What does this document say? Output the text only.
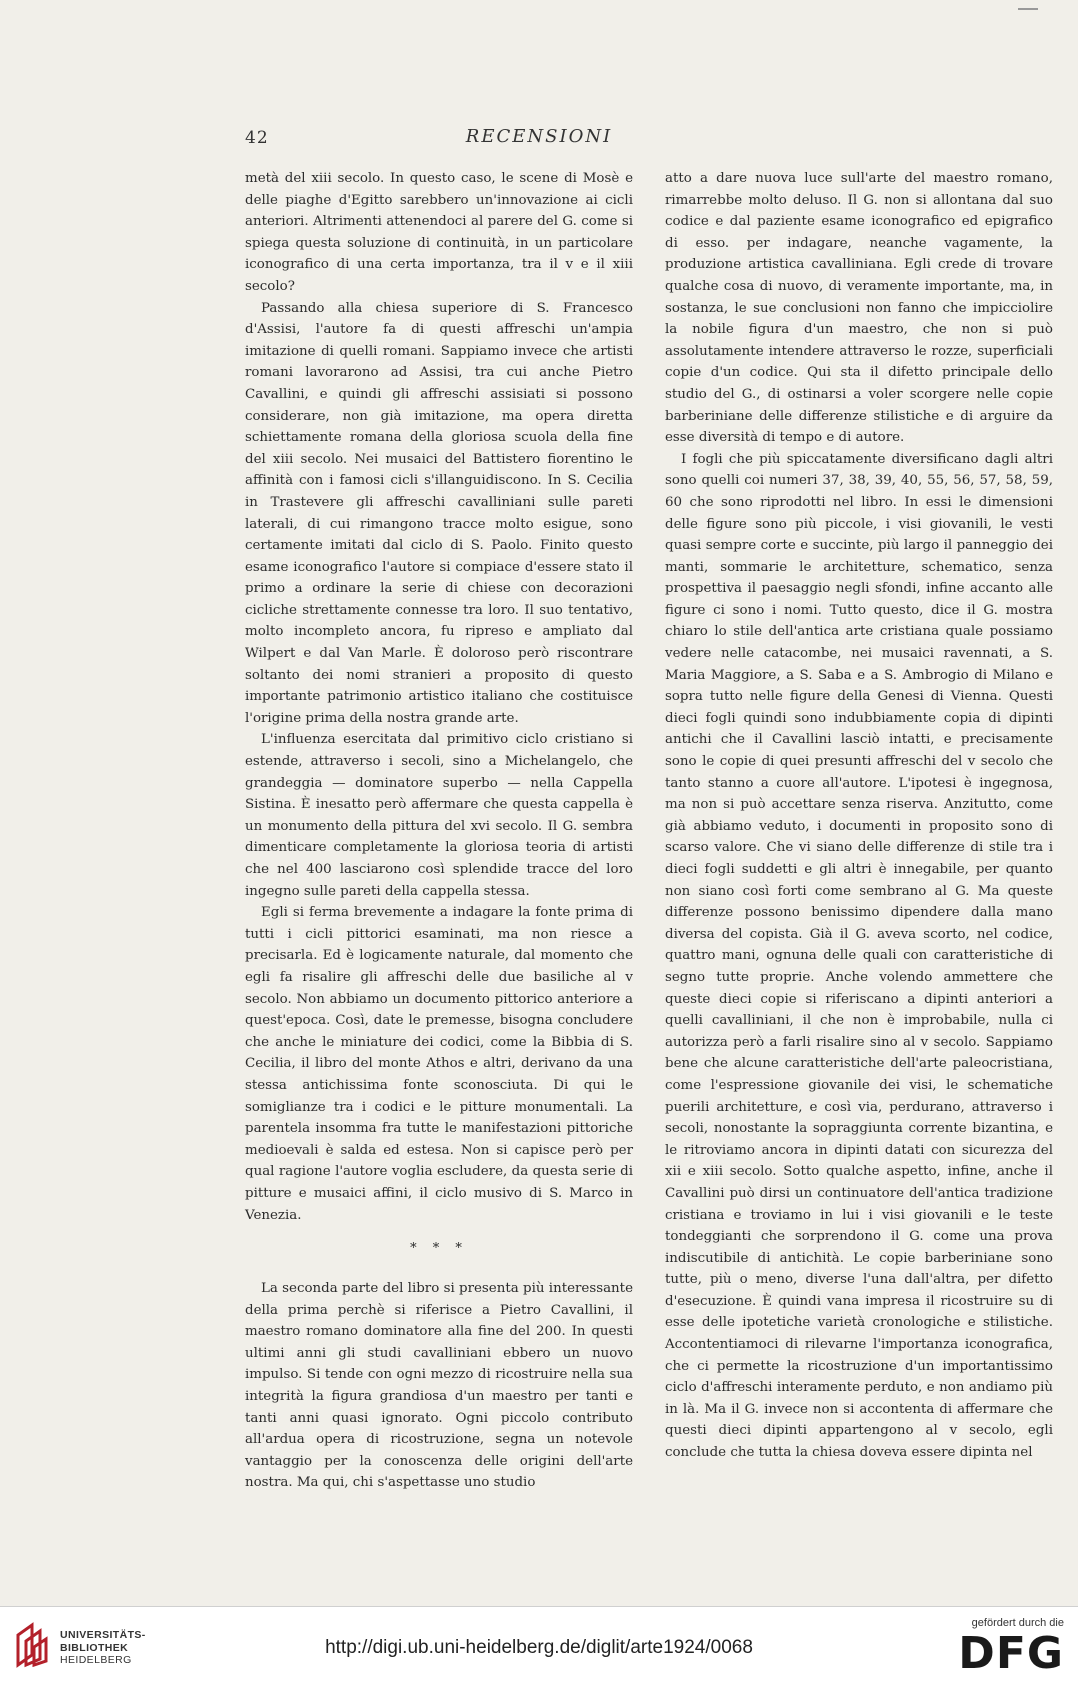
42	RECENSIONI

metà del xiii secolo. In questo caso, le scene di Mosè e delle piaghe d'Egitto sarebbero un'innovazione ai cicli anteriori. Altrimenti attenendoci al parere del G. come si spiega questa soluzione di continuità, in un particolare iconografico di una certa importanza, tra il v e il xiii secolo?

Passando alla chiesa superiore di S. Francesco d'Assisi, l'autore fa di questi affreschi un'ampia imitazione di quelli romani. Sappiamo invece che artisti romani lavorarono ad Assisi, tra cui anche Pietro Cavallini, e quindi gli affreschi assisiati si possono considerare, non già imitazione, ma opera diretta schiettamente romana della gloriosa scuola della fine del xiii secolo. Nei musaici del Battistero fiorentino le affinità con i famosi cicli s'illanguidiscono. In S. Cecilia in Trastevere gli affreschi cavalliniani sulle pareti laterali, di cui rimangono tracce molto esigue, sono certamente imitati dal ciclo di S. Paolo. Finito questo esame iconografico l'autore si compiace d'essere stato il primo a ordinare la serie di chiese con decorazioni cicliche strettamente connesse tra loro. Il suo tentativo, molto incompleto ancora, fu ripreso e ampliato dal Wilpert e dal Van Marle. È doloroso però riscontrare soltanto dei nomi stranieri a proposito di questo importante patrimonio artistico italiano che costituisce l'origine prima della nostra grande arte.

L'influenza esercitata dal primitivo ciclo cristiano si estende, attraverso i secoli, sino a Michelangelo, che grandeggia — dominatore superbo — nella Cappella Sistina. È inesatto però affermare che questa cappella è un monumento della pittura del xvi secolo. Il G. sembra dimenticare completamente la gloriosa teoria di artisti che nel 400 lasciarono così splendide tracce del loro ingegno sulle pareti della cappella stessa.

Egli si ferma brevemente a indagare la fonte prima di tutti i cicli pittorici esaminati, ma non riesce a precisarla. Ed è logicamente naturale, dal momento che egli fa risalire gli affreschi delle due basiliche al v secolo. Non abbiamo un documento pittorico anteriore a quest'epoca. Così, date le premesse, bisogna concludere che anche le miniature dei codici, come la Bibbia di S. Cecilia, il libro del monte Athos e altri, derivano da una stessa antichissima fonte sconosciuta. Di qui le somiglianze tra i codici e le pitture monumentali. La parentela insomma fra tutte le manifestazioni pittoriche medioevali è salda ed estesa. Non si capisce però per qual ragione l'autore voglia escludere, da questa serie di pitture e musaici affini, il ciclo musivo di S. Marco in Venezia.

* * *

La seconda parte del libro si presenta più interessante della prima perchè si riferisce a Pietro Cavallini, il maestro romano dominatore alla fine del 200. In questi ultimi anni gli studi cavalliniani ebbero un nuovo impulso. Si tende con ogni mezzo di ricostruire nella sua integrità la figura grandiosa d'un maestro per tanti e tanti anni quasi ignorato. Ogni piccolo contributo all'ardua opera di ricostruzione, segna un notevole vantaggio per la conoscenza delle origini dell'arte nostra. Ma qui, chi s'aspettasse uno studio

atto a dare nuova luce sull'arte del maestro romano, rimarrebbe molto deluso. Il G. non si allontana dal suo codice e dal paziente esame iconografico ed epigrafico di esso. per indagare, neanche vagamente, la produzione artistica cavalliniana. Egli crede di trovare qualche cosa di nuovo, di veramente importante, ma, in sostanza, le sue conclusioni non fanno che impicciolire la nobile figura d'un maestro, che non si può assolutamente intendere attraverso le rozze, superficiali copie d'un codice. Qui sta il difetto principale dello studio del G., di ostinarsi a voler scorgere nelle copie barberiniane delle differenze stilistiche e di arguire da esse diversità di tempo e di autore.

I fogli che più spiccatamente diversificano dagli altri sono quelli coi numeri 37, 38, 39, 40, 55, 56, 57, 58, 59, 60 che sono riprodotti nel libro. In essi le dimensioni delle figure sono più piccole, i visi giovanili, le vesti quasi sempre corte e succinte, più largo il panneggio dei manti, sommarie le architetture, schematico, senza prospettiva il paesaggio negli sfondi, infine accanto alle figure ci sono i nomi. Tutto questo, dice il G. mostra chiaro lo stile dell'antica arte cristiana quale possiamo vedere nelle catacombe, nei musaici ravennati, a S. Maria Maggiore, a S. Saba e a S. Ambrogio di Milano e sopra tutto nelle figure della Genesi di Vienna. Questi dieci fogli quindi sono indubbiamente copia di dipinti antichi che il Cavallini lasciò intatti, e precisamente sono le copie di quei presunti affreschi del v secolo che tanto stanno a cuore all'autore. L'ipotesi è ingegnosa, ma non si può accettare senza riserva. Anzitutto, come già abbiamo veduto, i documenti in proposito sono di scarso valore. Che vi siano delle differenze di stile tra i dieci fogli suddetti e gli altri è innegabile, per quanto non siano così forti come sembrano al G. Ma queste differenze possono benissimo dipendere dalla mano diversa del copista. Già il G. aveva scorto, nel codice, quattro mani, ognuna delle quali con caratteristiche di segno tutte proprie. Anche volendo ammettere che queste dieci copie si riferiscano a dipinti anteriori a quelli cavalliniani, il che non è improbabile, nulla ci autorizza però a farli risalire sino al v secolo. Sappiamo bene che alcune caratteristiche dell'arte paleocristiana, come l'espressione giovanile dei visi, le schematiche puerili architetture, e così via, perdurano, attraverso i secoli, nonostante la sopraggiunta corrente bizantina, e le ritroviamo ancora in dipinti datati con sicurezza del xii e xiii secolo. Sotto qualche aspetto, infine, anche il Cavallini può dirsi un continuatore dell'antica tradizione cristiana e troviamo in lui i visi giovanili e le teste tondeggianti che sorprendono il G. come una prova indiscutibile di antichità. Le copie barberiniane sono tutte, più o meno, diverse l'una dall'altra, per difetto d'esecuzione. È quindi vana impresa il ricostruire su di esse delle ipotetiche varietà cronologiche e stilistiche. Accontentiamoci di rilevarne l'importanza iconografica, che ci permette la ricostruzione d'un importantissimo ciclo d'affreschi interamente perduto, e non andiamo più in là. Ma il G. invece non si accontenta di affermare che questi dieci dipinti appartengono al v secolo, egli conclude che tutta la chiesa doveva essere dipinta nel

UNIVERSITÄTS-
BIBLIOTHEK
HEIDELBERG
http://digi.ub.uni-heidelberg.de/diglit/arte1924/0068
gefördert durch die
DFG
